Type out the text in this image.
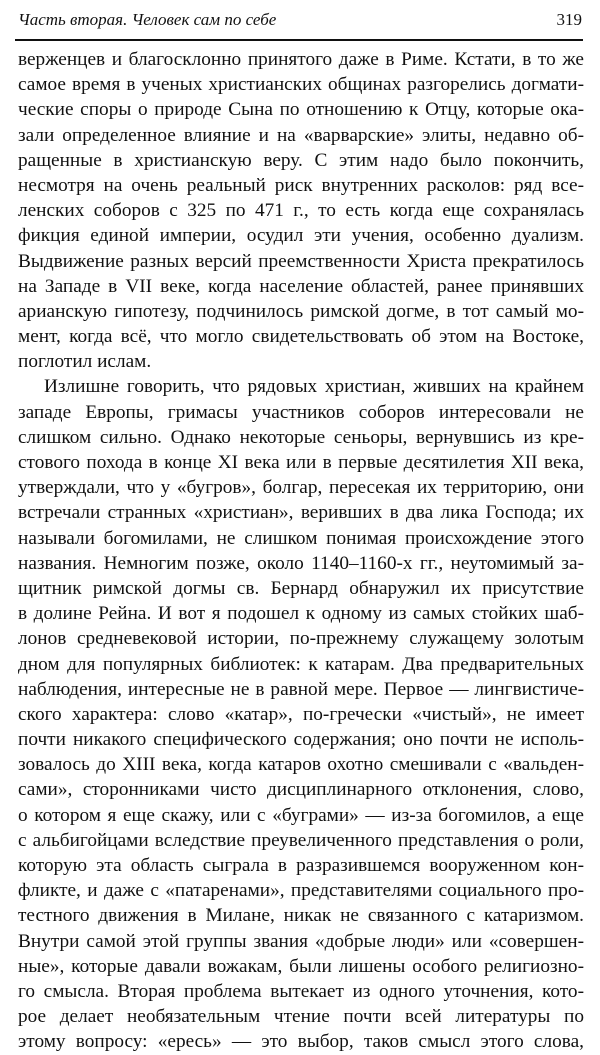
Часть вторая. Человек сам по себе	319
верженцев и благосклонно принятого даже в Риме. Кстати, в то же
самое время в ученых христианских общинах разгорелись догмати-
ческие споры о природе Сына по отношению к Отцу, которые ока-
зали определенное влияние и на «варварские» элиты, недавно об-
ращенные в христианскую веру. С этим надо было покончить,
несмотря на очень реальный риск внутренних расколов: ряд все-
ленских соборов с 325 по 471 г., то есть когда еще сохранялась
фикция единой империи, осудил эти учения, особенно дуализм.
Выдвижение разных версий преемственности Христа прекратилось
на Западе в VII веке, когда население областей, ранее принявших
арианскую гипотезу, подчинилось римской догме, в тот самый мо-
мент, когда всё, что могло свидетельствовать об этом на Востоке,
поглотил ислам.
Излишне говорить, что рядовых христиан, живших на крайнем
западе Европы, гримасы участников соборов интересовали не
слишком сильно. Однако некоторые сеньоры, вернувшись из кре-
стового похода в конце XI века или в первые десятилетия XII века,
утверждали, что у «бугров», болгар, пересекая их территорию, они
встречали странных «христиан», веривших в два лика Господа; их
называли богомилами, не слишком понимая происхождение этого
названия. Немногим позже, около 1140–1160-х гг., неутомимый за-
щитник римской догмы св. Бернард обнаружил их присутствие
в долине Рейна. И вот я подошел к одному из самых стойких шаб-
лонов средневековой истории, по-прежнему служащему золотым
дном для популярных библиотек: к катарам. Два предварительных
наблюдения, интересные не в равной мере. Первое — лингвистиче-
ского характера: слово «катар», по-гречески «чистый», не имеет
почти никакого специфического содержания; оно почти не исполь-
зовалось до XIII века, когда катаров охотно смешивали с «вальден-
сами», сторонниками чисто дисциплинарного отклонения, слово,
о котором я еще скажу, или с «буграми» — из-за богомилов, а еще
с альбигойцами вследствие преувеличенного представления о роли,
которую эта область сыграла в разразившемся вооруженном кон-
фликте, и даже с «патаренами», представителями социального про-
тестного движения в Милане, никак не связанного с катаризмом.
Внутри самой этой группы звания «добрые люди» или «совершен-
ные», которые давали вожакам, были лишены особого религиозно-
го смысла. Вторая проблема вытекает из одного уточнения, кото-
рое делает необязательным чтение почти всей литературы по
этому вопросу: «ересь» — это выбор, таков смысл этого слова,
